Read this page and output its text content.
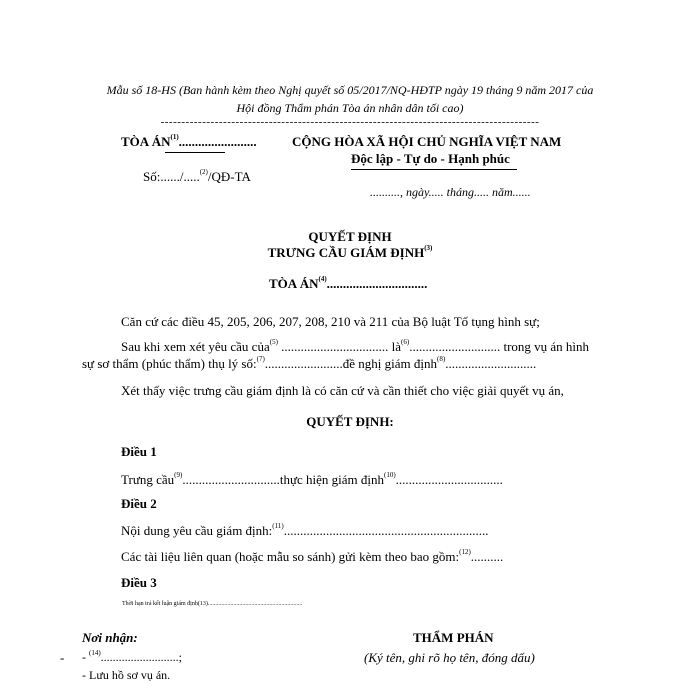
Mẫu số 18-HS (Ban hành kèm theo Nghị quyết số 05/2017/NQ-HĐTP ngày 19 tháng 9 năm 2017 của
Hội đồng Thẩm phán Tòa án nhân dân tối cao)
-------------------------------------------------------------------------------------------
TÒA ÁN$^{(1)}$........................
Số:....../.....$^{(2)}$/QĐ-TA
CỘNG HÒA XÃ HỘI CHỦ NGHĨA VIỆT NAM
Độc lập - Tự do - Hạnh phúc
.........., ngày..... tháng..... năm......
QUYẾT ĐỊNH
TRƯNG CẦU GIÁM ĐỊNH$^{(3)}$
TÒA ÁN$^{(4)}$...............................
Căn cứ các điều 45, 205, 206, 207, 208, 210 và 211 của Bộ luật Tố tụng hình sự;
Sau khi xem xét yêu cầu của$^{(5)}$ ................................. $là^{(6)}$............................ trong vụ án hình
sự sơ thẩm (phúc thẩm) thụ lý số:$^{(7)}$........................đề nghị giám định$^{(8)}$............................
Xét thấy việc trưng cầu giám định là có căn cứ và cần thiết cho việc giải quyết vụ án,
QUYẾT ĐỊNH:
Điều 1
Trưng cầu$^{(9)}$..............................thực hiện giám định$^{(10)}$.................................
Điều 2
Nội dung yêu cầu giám định:$^{(11)}$...............................................................
Các tài liệu liên quan (hoặc mẫu so sánh) gửi kèm theo bao gồm:$^{(12)}$..........
Điều 3
Thời hạn trả kết luận giám định(13)...............................................................
Nơi nhận:
- - $^{(14)}$..........................;
- Lưu hồ sơ vụ án.
THẨM PHÁN
(Ký tên, ghi rõ họ tên, đóng dấu)
